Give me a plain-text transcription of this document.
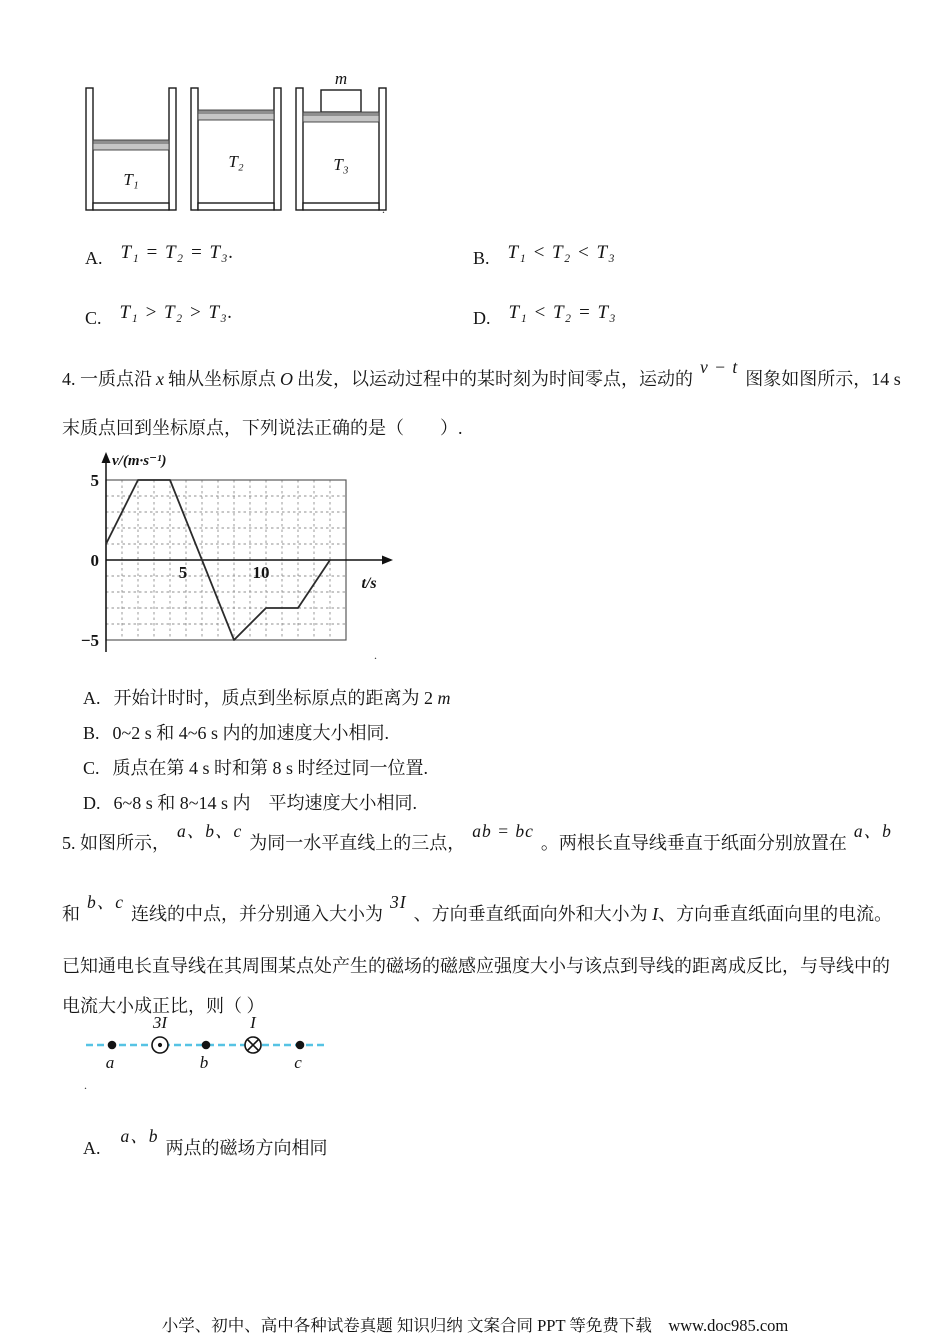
T₁
T₂
m
T₃
.
A. T₁ = T₂ = T₃.	B. T₁ < T₂ < T₃
C. T₁ > T₂ > T₃.	D. T₁ < T₂ = T₃
4. 一质点沿 x 轴从坐标原点 O 出发，以运动过程中的某时刻为时间零点，运动的v − t图象如图所示，14 s
末质点回到坐标原点，下列说法正确的是（　　）.
v/(m·s⁻¹)
5
0
−5
5	10
t/s
.
A. 开始计时时，质点到坐标原点的距离为 2 m
B. 0~2 s 和 4~6 s 内的加速度大小相同.
C. 质点在第 4 s 时和第 8 s 时经过同一位置.
D. 6~8 s 和 8~14 s 内　平均速度大小相同.
5. 如图所示，a、b、c为同一水平直线上的三点，ab = bc。两根长直导线垂直于纸面分别放置在a、b
和b、c连线的中点，并分别通入大小为3I、方向垂直纸面向外和大小为 I、方向垂直纸面向里的电流。
已知通电长直导线在其周围某点处产生的磁场的磁感应强度大小与该点到导线的距离成反比，与导线中的
电流大小成正比，则（ ）
3I	I
a	b	c
.
A.a、b两点的磁场方向相同
小学、初中、高中各种试卷真题 知识归纳 文案合同 PPT 等免费下载　www.doc985.com
